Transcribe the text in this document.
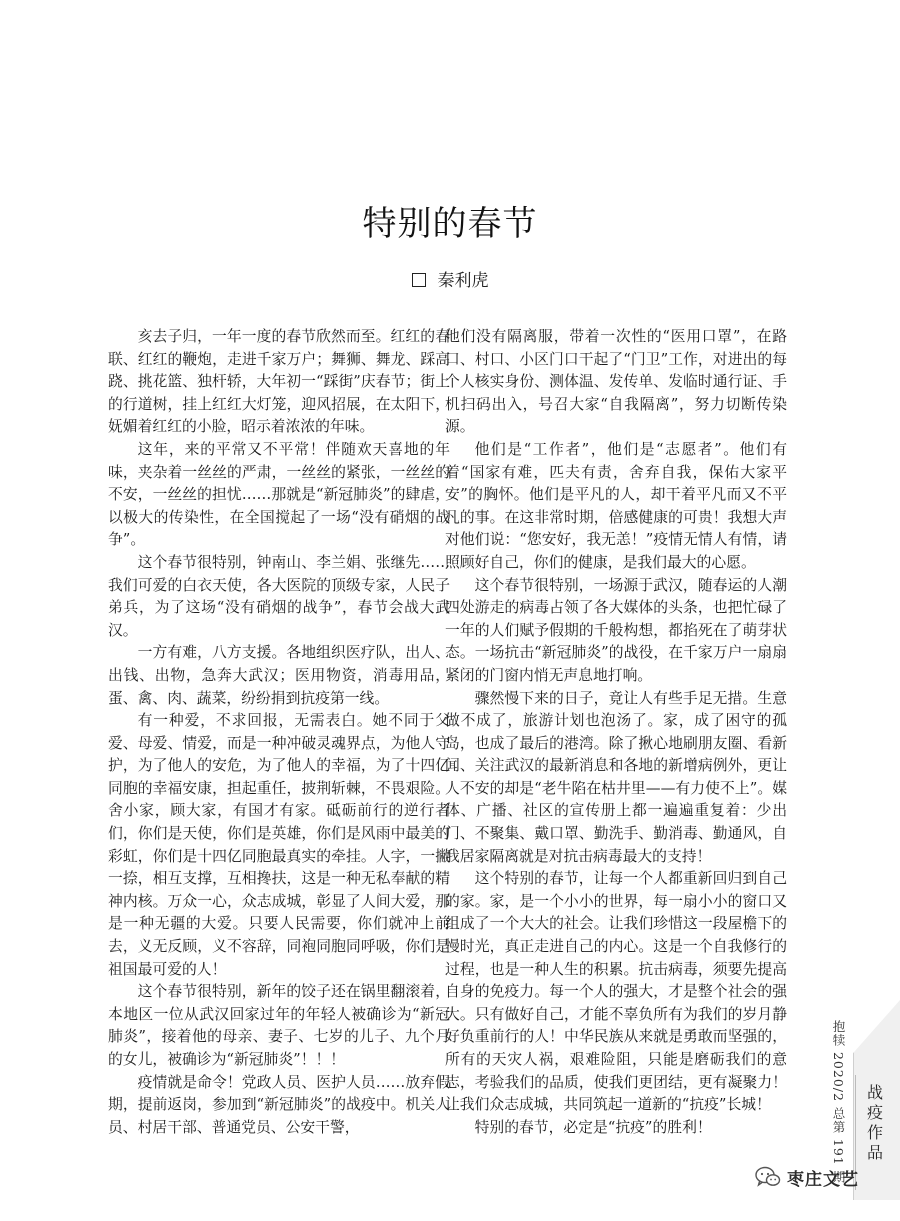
特别的春节
秦利虎

亥去子归，一年一度的春节欣然而至。红红的春联、红红的鞭炮，走进千家万户；舞狮、舞龙、踩高跷、挑花篮、独杆轿，大年初一“踩街”庆春节；街上的行道树，挂上红红大灯笼，迎风招展，在太阳下，妩媚着红红的小脸，昭示着浓浓的年味。

这年，来的平常又不平常！伴随欢天喜地的年味，夹杂着一丝丝的严肃，一丝丝的紧张，一丝丝的不安，一丝丝的担忧……那就是“新冠肺炎”的肆虐，以极大的传染性，在全国搅起了一场“没有硝烟的战争”。

这个春节很特别，钟南山、李兰娟、张继先……我们可爱的白衣天使，各大医院的顶级专家，人民子弟兵，为了这场“没有硝烟的战争”，春节会战大武汉。

一方有难，八方支援。各地组织医疗队，出人、出钱、出物，急奔大武汉；医用物资，消毒用品，蛋、禽、肉、蔬菜，纷纷捐到抗疫第一线。

有一种爱，不求回报，无需表白。她不同于父爱、母爱、情爱，而是一种冲破灵魂界点，为他人守护，为了他人的安危，为了他人的幸福，为了十四亿同胞的幸福安康，担起重任，披荆斩棘，不畏艰险。舍小家，顾大家，有国才有家。砥砺前行的逆行者们，你们是天使，你们是英雄，你们是风雨中最美的彩虹，你们是十四亿同胞最真实的牵挂。人字，一撇一捺，相互支撑，互相搀扶，这是一种无私奉献的精神内核。万众一心，众志成城，彰显了人间大爱，那是一种无疆的大爱。只要人民需要，你们就冲上前去，义无反顾，义不容辞，同袍同胞同呼吸，你们是祖国最可爱的人！

这个春节很特别，新年的饺子还在锅里翻滚着，本地区一位从武汉回家过年的年轻人被确诊为“新冠肺炎”，接着他的母亲、妻子、七岁的儿子、九个月的女儿，被确诊为“新冠肺炎”！！！

疫情就是命令！党政人员、医护人员……放弃假期，提前返岗，参加到“新冠肺炎”的战疫中。机关人员、村居干部、普通党员、公安干警，

他们没有隔离服，带着一次性的“医用口罩”，在路口、村口、小区门口干起了“门卫”工作，对进出的每个人核实身份、测体温、发传单、发临时通行证、手机扫码出入，号召大家“自我隔离”，努力切断传染源。

他们是“工作者”，他们是“志愿者”。他们有着“国家有难，匹夫有责，舍弃自我，保佑大家平安”的胸怀。他们是平凡的人，却干着平凡而又不平凡的事。在这非常时期，倍感健康的可贵！我想大声对他们说：“您安好，我无恙！”疫情无情人有情，请照顾好自己，你们的健康，是我们最大的心愿。

这个春节很特别，一场源于武汉，随春运的人潮四处游走的病毒占领了各大媒体的头条，也把忙碌了一年的人们赋予假期的千般构想，都掐死在了萌芽状态。一场抗击“新冠肺炎”的战役，在千家万户一扇扇紧闭的门窗内悄无声息地打响。

骤然慢下来的日子，竟让人有些手足无措。生意做不成了，旅游计划也泡汤了。家，成了困守的孤岛，也成了最后的港湾。除了揪心地刷朋友圈、看新闻、关注武汉的最新消息和各地的新增病例外，更让人不安的却是“老牛陷在枯井里——有力使不上”。媒体、广播、社区的宣传册上都一遍遍重复着：少出门、不聚集、戴口罩、勤洗手、勤消毒、勤通风，自我居家隔离就是对抗击病毒最大的支持！

这个特别的春节，让每一个人都重新回归到自己的家。家，是一个小小的世界，每一扇小小的窗口又组成了一个大大的社会。让我们珍惜这一段屋檐下的慢时光，真正走进自己的内心。这是一个自我修行的过程，也是一种人生的积累。抗击病毒，须要先提高自身的免疫力。每一个人的强大，才是整个社会的强大。只有做好自己，才能不辜负所有为我们的岁月静好负重前行的人！中华民族从来就是勇敢而坚强的，所有的天灾人祸，艰难险阻，只能是磨砺我们的意志，考验我们的品质，使我们更团结，更有凝聚力！让我们众志成城，共同筑起一道新的“抗疫”长城！

特别的春节，必定是“抗疫”的胜利！

战疫作品
抱犊 2020/2 总第 191 期
枣庄文艺
